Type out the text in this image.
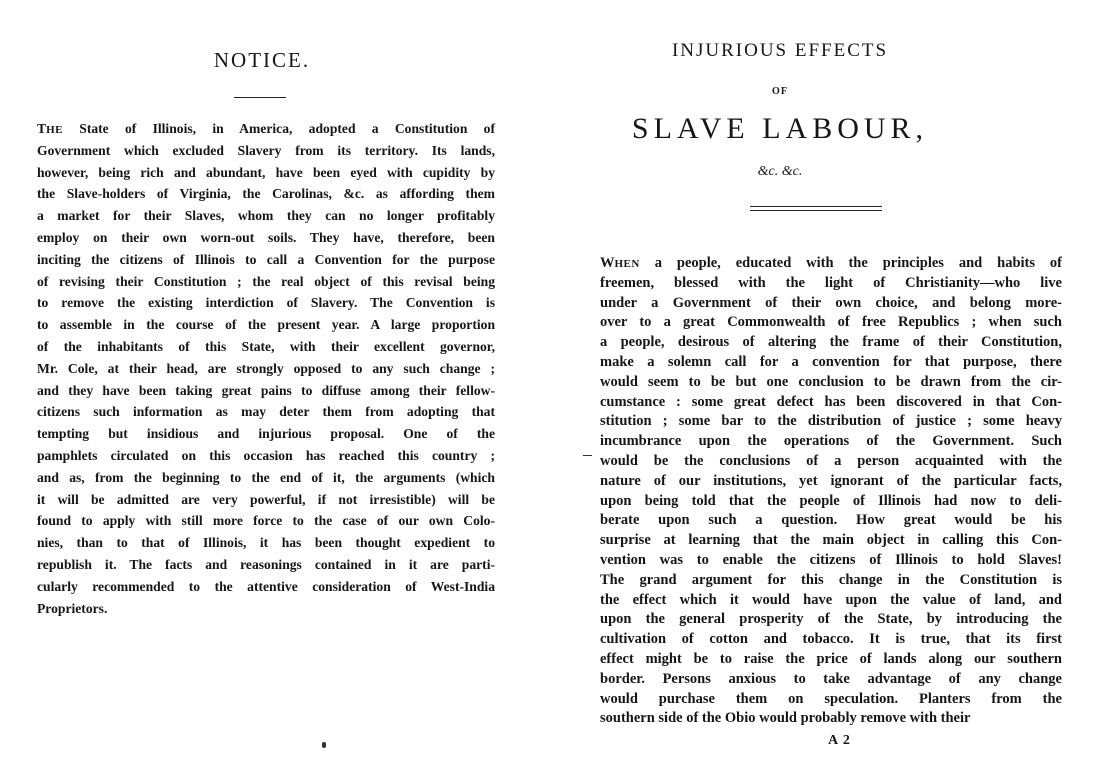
NOTICE.
THE State of Illinois, in America, adopted a Constitution of
Government which excluded Slavery from its territory. Its lands,
however, being rich and abundant, have been eyed with cupidity by
the Slave-holders of Virginia, the Carolinas, &c. as affording them
a market for their Slaves, whom they can no longer profitably
employ on their own worn-out soils. They have, therefore, been
inciting the citizens of Illinois to call a Convention for the purpose
of revising their Constitution ; the real object of this revisal being
to remove the existing interdiction of Slavery. The Convention is
to assemble in the course of the present year. A large proportion
of the inhabitants of this State, with their excellent governor,
Mr. Cole, at their head, are strongly opposed to any such change ;
and they have been taking great pains to diffuse among their fellow-
citizens such information as may deter them from adopting that
tempting but insidious and injurious proposal. One of the
pamphlets circulated on this occasion has reached this country ;
and as, from the beginning to the end of it, the arguments (which
it will be admitted are very powerful, if not irresistible) will be
found to apply with still more force to the case of our own Colo-
nies, than to that of Illinois, it has been thought expedient to
republish it. The facts and reasonings contained in it are parti-
cularly recommended to the attentive consideration of West-India
Proprietors.
INJURIOUS EFFECTS
OF
SLAVE LABOUR,
&c. &c.
WHEN a people, educated with the principles and habits of
freemen, blessed with the light of Christianity—who live
under a Government of their own choice, and belong more-
over to a great Commonwealth of free Republics ; when such
a people, desirous of altering the frame of their Constitution,
make a solemn call for a convention for that purpose, there
would seem to be but one conclusion to be drawn from the cir-
cumstance : some great defect has been discovered in that Con-
stitution ; some bar to the distribution of justice ; some heavy
incumbrance upon the operations of the Government. Such
would be the conclusions of a person acquainted with the
nature of our institutions, yet ignorant of the particular facts,
upon being told that the people of Illinois had now to deli-
berate upon such a question. How great would be his
surprise at learning that the main object in calling this Con-
vention was to enable the citizens of Illinois to hold Slaves!
The grand argument for this change in the Constitution is
the effect which it would have upon the value of land, and
upon the general prosperity of the State, by introducing the
cultivation of cotton and tobacco. It is true, that its first
effect might be to raise the price of lands along our southern
border. Persons anxious to take advantage of any change
would purchase them on speculation. Planters from the
southern side of the Obio would probably remove with their
A 2
